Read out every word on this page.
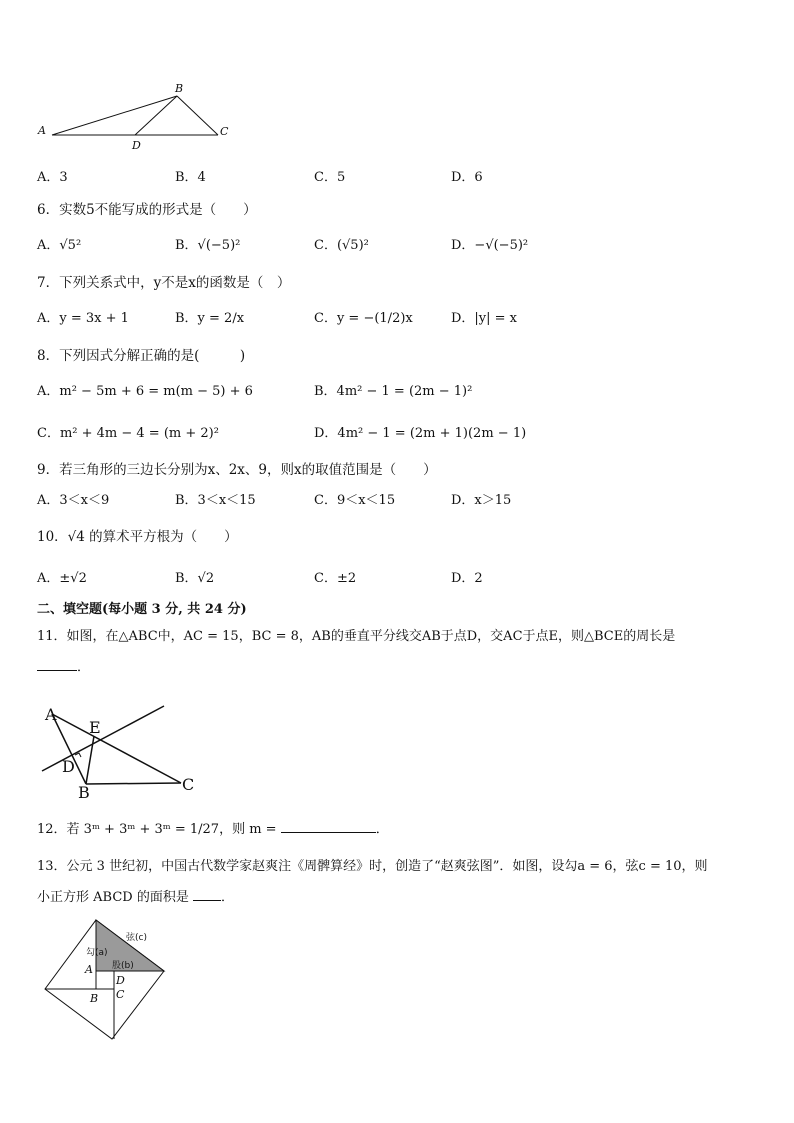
A
B
C
D
A．3	B．4	C．5	D．6
6．实数5不能写成的形式是（　　）
A．√5²	B．√(−5)²	C．(√5)²	D．−√(−5)²
7．下列关系式中，y不是x的函数是（　）
A．y = 3x + 1	B．y = 2/x	C．y = −(1/2)x	D．|y| = x
8．下列因式分解正确的是(　　　)
A．m² − 5m + 6 = m(m − 5) + 6	B．4m² − 1 = (2m − 1)²
C．m² + 4m − 4 = (m + 2)²	D．4m² − 1 = (2m + 1)(2m − 1)
9．若三角形的三边长分别为x、2x、9，则x的取值范围是（　　）
A．3＜x＜9	B．3＜x＜15	C．9＜x＜15	D．x＞15
10．√4 的算术平方根为（　　）
A．±√2	B．√2	C．±2	D．2
二、填空题(每小题 3 分, 共 24 分)
11．如图，在△ABC中，AC = 15，BC = 8，AB的垂直平分线交AB于点D，交AC于点E，则△BCE的周长是
．
A
E
D
B	C
12．若 3ᵐ + 3ᵐ + 3ᵐ = 1/27，则 m =	．
13．公元 3 世纪初，中国古代数学家赵爽注《周髀算经》时，创造了“赵爽弦图”．如图，设勾a = 6，弦c = 10，则
小正方形 ABCD 的面积是 ．
弦(c)
勾(a)
股(b)
A
D
C
B
